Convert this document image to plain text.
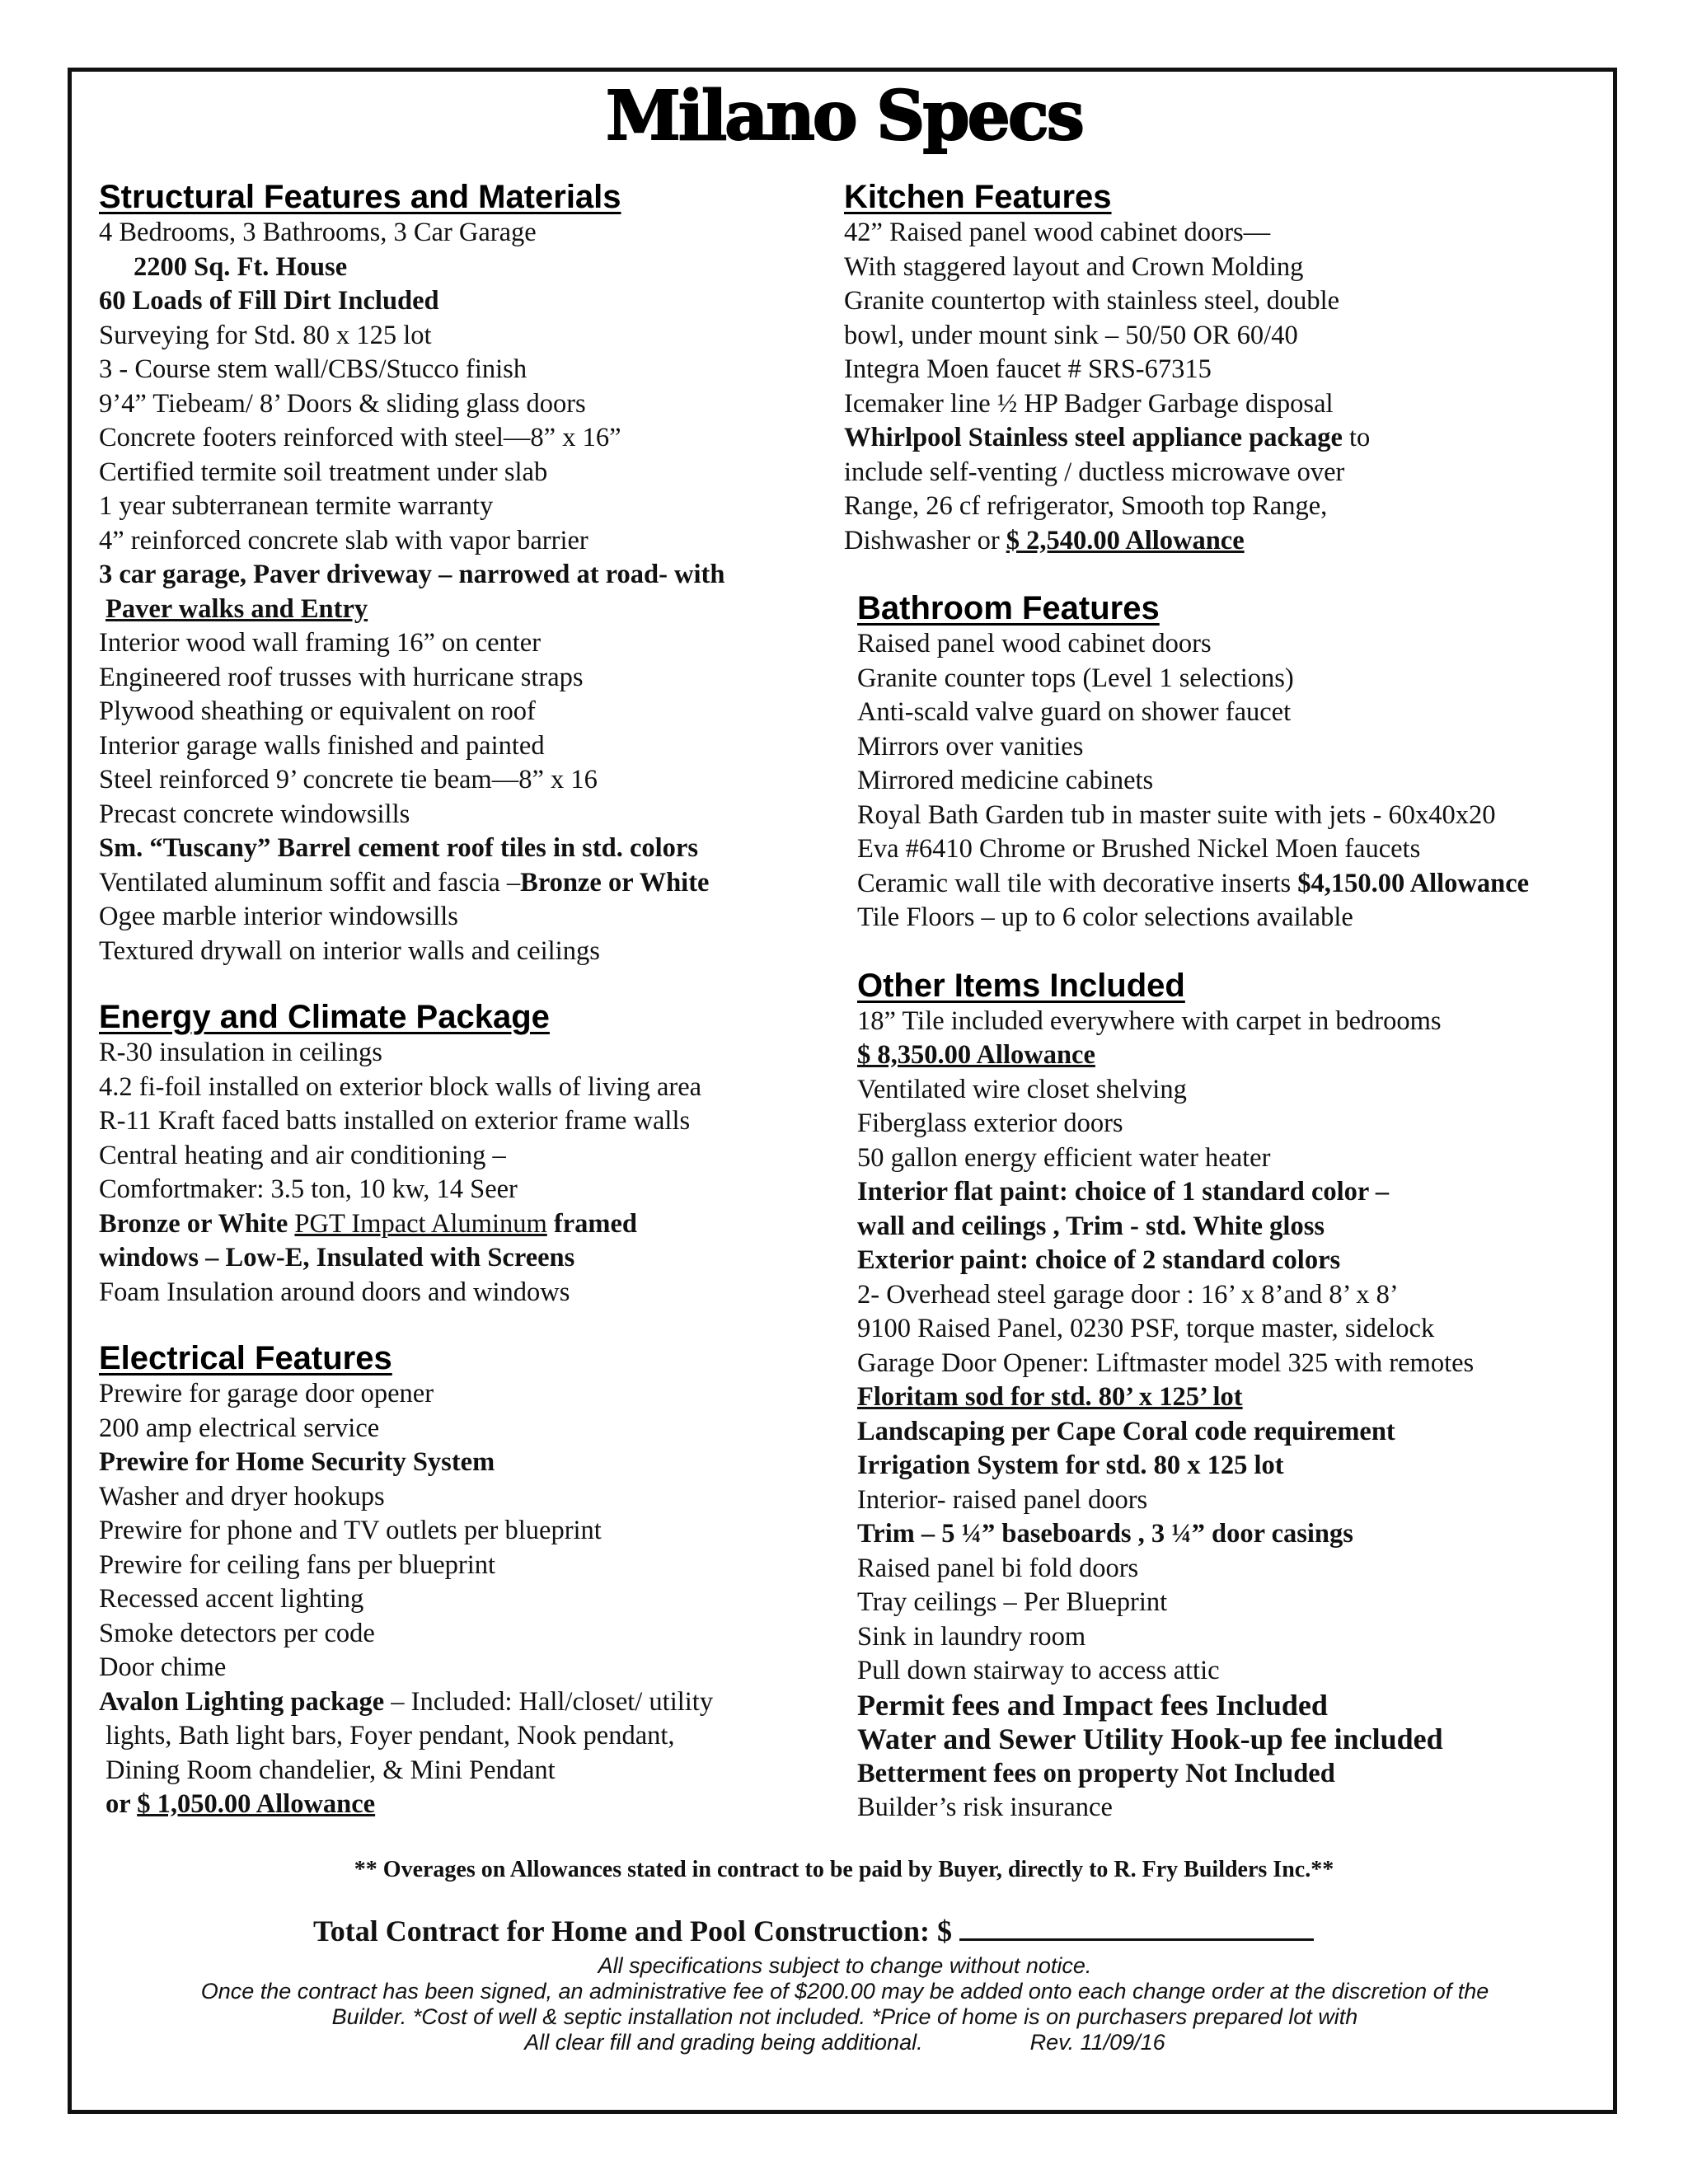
Milano Specs
Structural Features and Materials
4 Bedrooms, 3 Bathrooms, 3 Car Garage
2200 Sq. Ft. House
60 Loads of Fill Dirt Included
Surveying for Std. 80 x 125 lot
3 - Course stem wall/CBS/Stucco finish
9’4” Tiebeam/ 8’ Doors & sliding glass doors
Concrete footers reinforced with steel—8” x 16”
Certified termite soil treatment under slab
1 year subterranean termite warranty
4” reinforced concrete slab with vapor barrier
3 car garage, Paver driveway – narrowed at road- with
Paver walks and Entry
Interior wood wall framing 16” on center
Engineered roof trusses with hurricane straps
Plywood sheathing or equivalent on roof
Interior garage walls finished and painted
Steel reinforced 9’ concrete tie beam—8” x 16
Precast concrete windowsills
Sm. “Tuscany” Barrel cement roof tiles in std. colors
Ventilated aluminum soffit and fascia –Bronze or White
Ogee marble interior windowsills
Textured drywall on interior walls and ceilings
Energy and Climate Package
R-30 insulation in ceilings
4.2 fi-foil installed on exterior block walls of living area
R-11 Kraft faced batts installed on exterior frame walls
Central heating and air conditioning –
Comfortmaker: 3.5 ton, 10 kw, 14 Seer
Bronze or White PGT Impact Aluminum framed
windows – Low-E, Insulated with Screens
Foam Insulation around doors and windows
Electrical Features
Prewire for garage door opener
200 amp electrical service
Prewire for Home Security System
Washer and dryer hookups
Prewire for phone and TV outlets per blueprint
Prewire for ceiling fans per blueprint
Recessed accent lighting
Smoke detectors per code
Door chime
Avalon Lighting package – Included: Hall/closet/ utility
lights, Bath light bars, Foyer pendant, Nook pendant,
Dining Room chandelier, & Mini Pendant
or $ 1,050.00 Allowance
Kitchen Features
42” Raised panel wood cabinet doors—
With staggered layout and Crown Molding
Granite countertop with stainless steel, double
bowl, under mount sink – 50/50 OR 60/40
Integra Moen faucet # SRS-67315
Icemaker line ½ HP Badger Garbage disposal
Whirlpool Stainless steel appliance package to
include self-venting / ductless microwave over
Range, 26 cf refrigerator, Smooth top Range,
Dishwasher or $ 2,540.00 Allowance
Bathroom Features
Raised panel wood cabinet doors
Granite counter tops (Level 1 selections)
Anti-scald valve guard on shower faucet
Mirrors over vanities
Mirrored medicine cabinets
Royal Bath Garden tub in master suite with jets - 60x40x20
Eva #6410 Chrome or Brushed Nickel Moen faucets
Ceramic wall tile with decorative inserts $4,150.00 Allowance
Tile Floors – up to 6 color selections available
Other Items Included
18” Tile included everywhere with carpet in bedrooms
$ 8,350.00 Allowance
Ventilated wire closet shelving
Fiberglass exterior doors
50 gallon energy efficient water heater
Interior flat paint: choice of 1 standard color –
wall and ceilings , Trim - std. White gloss
Exterior paint: choice of 2 standard colors
2- Overhead steel garage door : 16’ x 8’and 8’ x 8’
9100 Raised Panel, 0230 PSF, torque master, sidelock
Garage Door Opener: Liftmaster model 325 with remotes
Floritam sod for std. 80’ x 125’ lot
Landscaping per Cape Coral code requirement
Irrigation System for std. 80 x 125 lot
Interior- raised panel doors
Trim – 5 ¼” baseboards , 3 ¼” door casings
Raised panel bi fold doors
Tray ceilings – Per Blueprint
Sink in laundry room
Pull down stairway to access attic
Permit fees and Impact fees Included
Water and Sewer Utility Hook-up fee included
Betterment fees on property Not Included
Builder’s risk insurance
** Overages on Allowances stated in contract to be paid by Buyer, directly to R. Fry Builders Inc.**
Total Contract for Home and Pool Construction: $
All specifications subject to change without notice.
Once the contract has been signed, an administrative fee of $200.00 may be added onto each change order at the discretion of the
Builder. *Cost of well & septic installation not included. *Price of home is on purchasers prepared lot with
All clear fill and grading being additional.	Rev. 11/09/16
